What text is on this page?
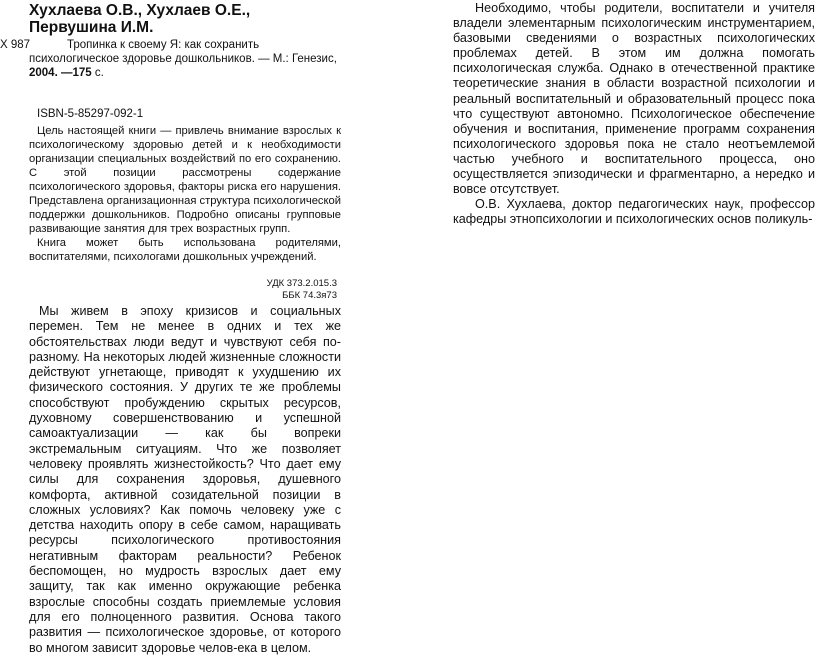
Хухлаева О.В., Хухлаев О.Е., Первушина И.М.
X 987	Тропинка к своему Я: как сохранить психологическое здоровье дошкольников. — М.: Генезис, 2004. —175 с.
ISBN-5-85297-092-1

Цель настоящей книги — привлечь внимание взрослых к психологическому здоровью детей и к необходимости организации специальных воздействий по его сохранению. С этой позиции рассмотрены содержание психологического здоровья, факторы риска его нарушения. Представлена организационная структура психологической поддержки дошкольников. Подробно описаны групповые развивающие занятия для трех возрастных групп.

Книга может быть использована родителями, воспитателями, психологами дошкольных учреждений.

УДК 373.2.015.3
ББК 74.3я73

Мы живем в эпоху кризисов и социальных перемен. Тем не менее в одних и тех же обстоятельствах люди ведут и чувствуют себя по-разному. На некоторых людей жизненные сложности действуют угнетающе, приводят к ухудшению их физического состояния. У других те же проблемы способствуют пробуждению скрытых ресурсов, духовному совершенствованию и успешной самоактуализации — как бы вопреки экстремальным ситуациям. Что же позволяет человеку проявлять жизнестойкость? Что дает ему силы для сохранения здоровья, душевного комфорта, активной созидательной позиции в сложных условиях? Как помочь человеку уже с детства находить опору в себе самом, наращивать ресурсы психологического противостояния негативным факторам реальности? Ребенок беспомощен, но мудрость взрослых дает ему защиту, так как именно окружающие ребенка взрослые способны создать приемлемые условия для его полноценного развития. Основа такого развития — психологическое здоровье, от которого во многом зависит здоровье челов-ека в целом.

Необходимо, чтобы родители, воспитатели и учителя владели элементарным психологическим инструментарием, базовыми сведениями о возрастных психологических проблемах детей. В этом им должна помогать психологическая служба. Однако в отечественной практике теоретические знания в области возрастной психологии и реальный воспитательный и образовательный процесс пока что существуют автономно. Психологическое обеспечение обучения и воспитания, применение программ сохранения психологического здоровья пока не стало неотъемлемой частью учебного и воспитательного процесса, оно осуществляется эпизодически и фрагментарно, а нередко и вовсе отсутствует.

О.В. Хухлаева, доктор педагогических наук, профессор кафедры этнопсихологии и психологических основ поликуль-
